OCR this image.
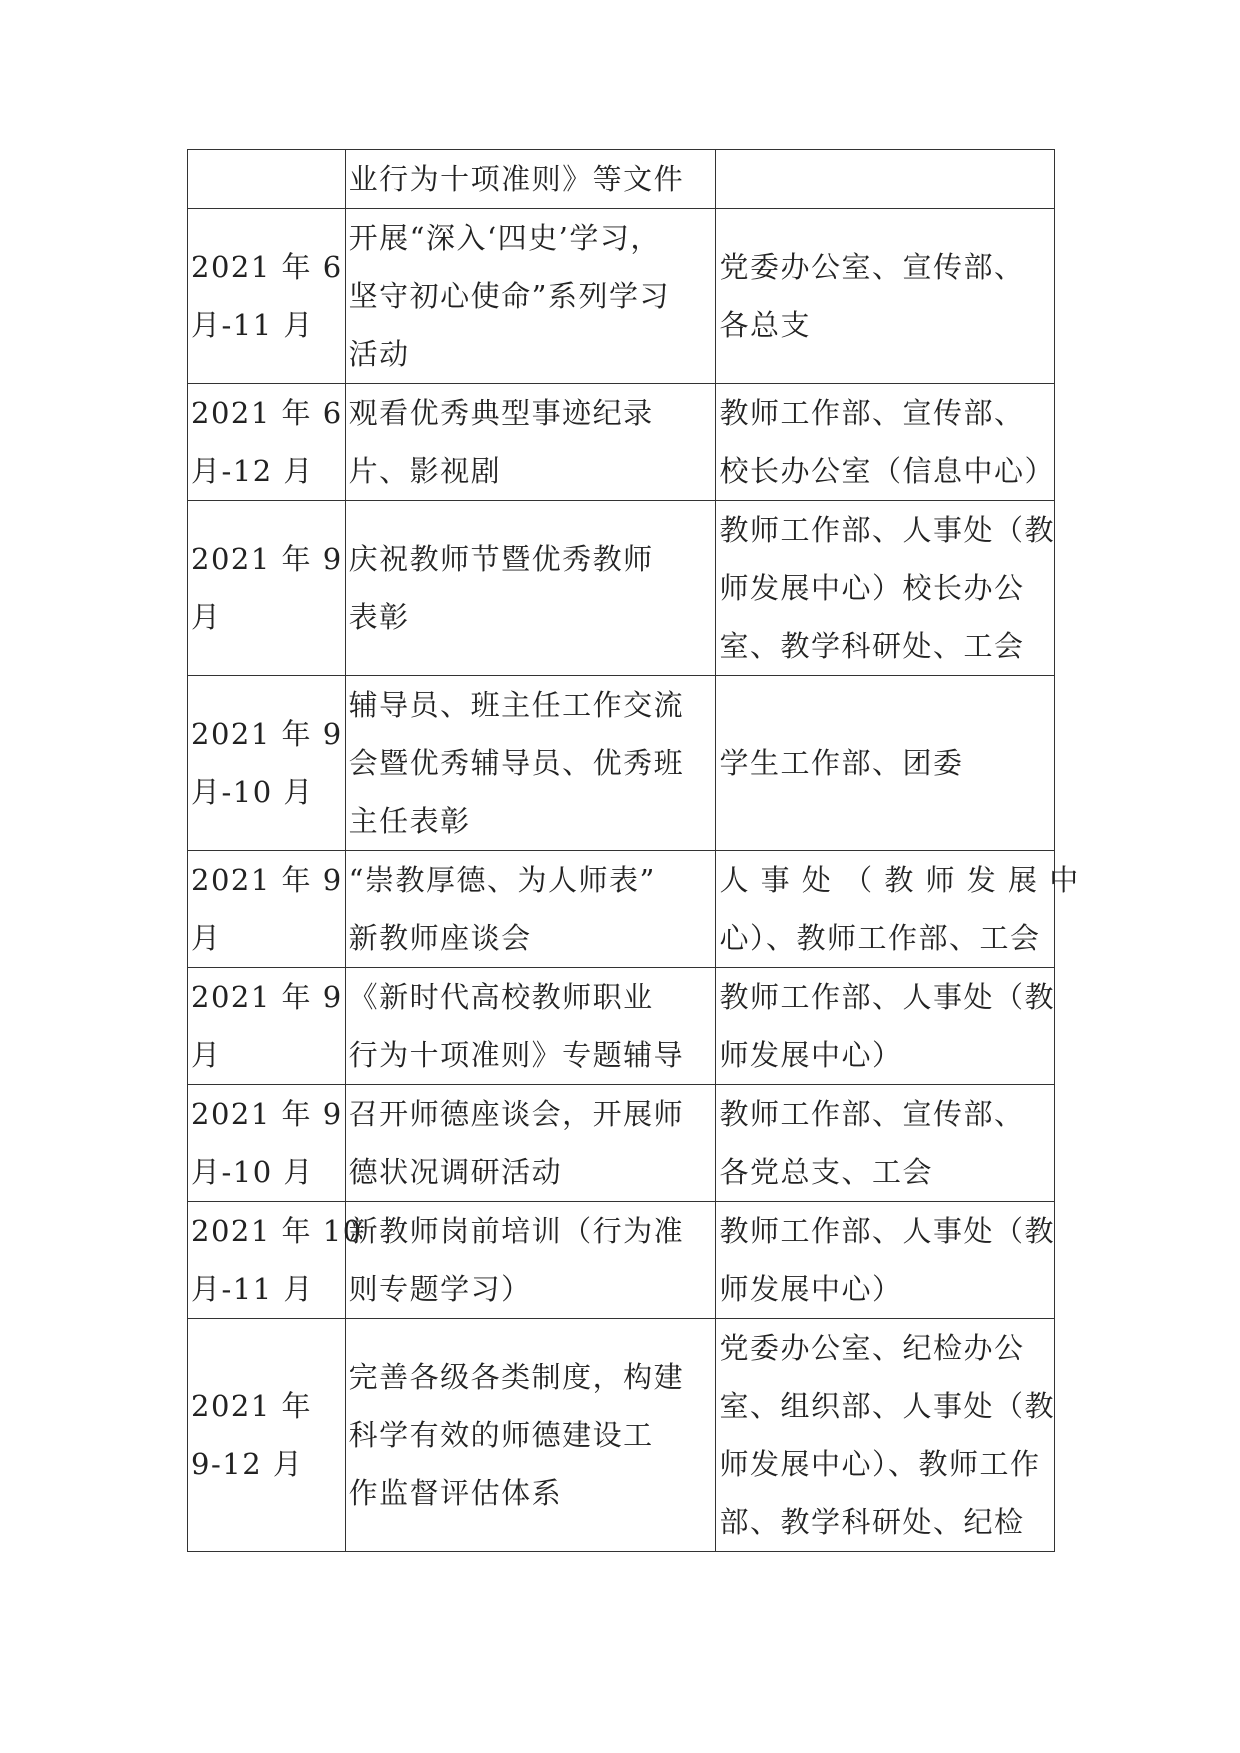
	业行为十项准则》等文件	

2021 年 6
月-11 月	开展“深入‘四史’学习，
坚守初心使命”系列学习
活动	党委办公室、宣传部、
各总支

2021 年 6
月-12 月	观看优秀典型事迹纪录
片、影视剧	教师工作部、宣传部、
校长办公室（信息中心）

2021 年 9
月	庆祝教师节暨优秀教师
表彰	教师工作部、人事处（教
师发展中心）校长办公
室、教学科研处、工会

2021 年 9
月-10 月	辅导员、班主任工作交流
会暨优秀辅导员、优秀班
主任表彰	学生工作部、团委

2021 年 9
月	“崇教厚德、为人师表”
新教师座谈会	人 事 处 （ 教 师 发 展 中
心）、教师工作部、工会

2021 年 9
月	《新时代高校教师职业
行为十项准则》专题辅导	教师工作部、人事处（教
师发展中心）

2021 年 9
月-10 月	召开师德座谈会，开展师
德状况调研活动	教师工作部、宣传部、
各党总支、工会

2021 年 10
月-11 月	新教师岗前培训（行为准
则专题学习）	教师工作部、人事处（教
师发展中心）

2021 年
9-12 月	完善各级各类制度，构建
科学有效的师德建设工
作监督评估体系	党委办公室、纪检办公
室、组织部、人事处（教
师发展中心）、教师工作
部、教学科研处、纪检
